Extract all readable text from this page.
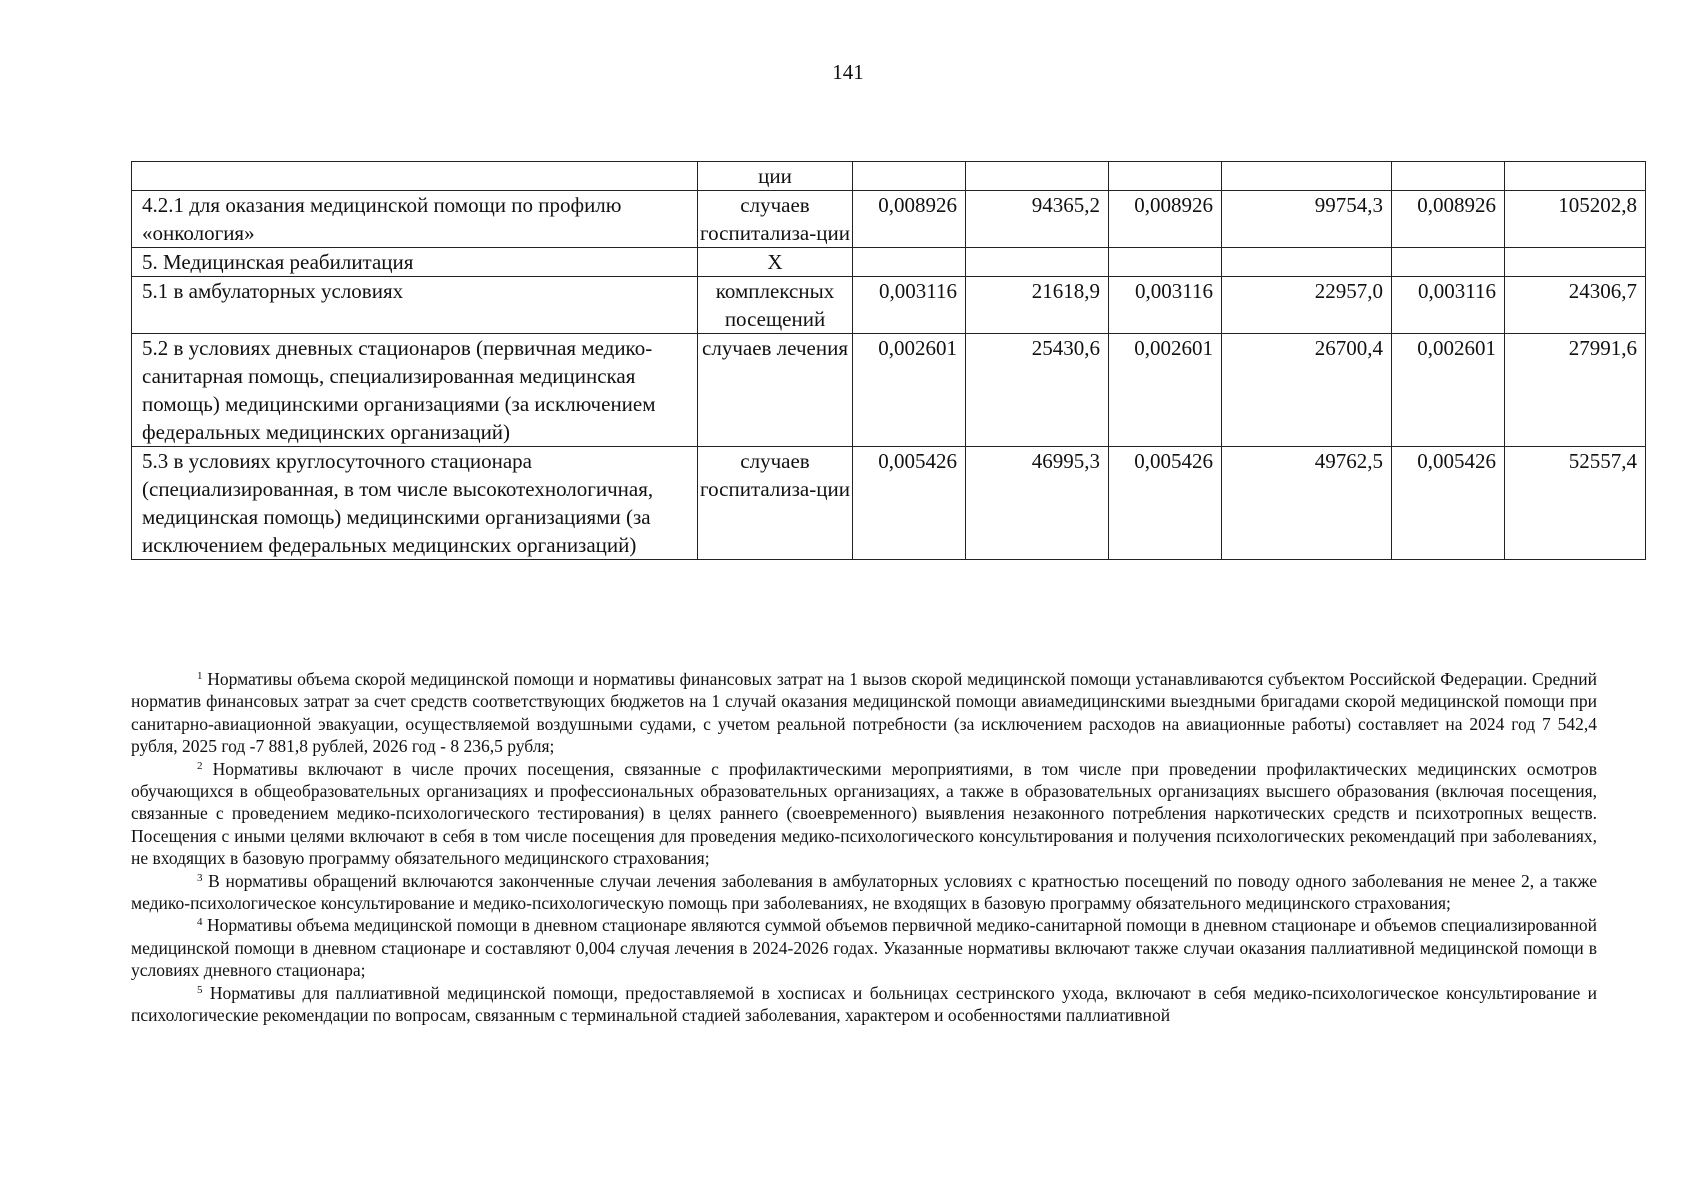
141
	ции						
4.2.1 для оказания медицинской помощи по профилю «онкология»	случаев госпитализа-ции	0,008926	94365,2	0,008926	99754,3	0,008926	105202,8
5. Медицинская реабилитация	X						
5.1 в амбулаторных условиях	комплексных посещений	0,003116	21618,9	0,003116	22957,0	0,003116	24306,7
5.2 в условиях дневных стационаров (первичная медико-санитарная помощь, специализированная медицинская помощь) медицинскими организациями (за исключением федеральных медицинских организаций)	случаев лечения	0,002601	25430,6	0,002601	26700,4	0,002601	27991,6
5.3 в условиях круглосуточного стационара (специализированная, в том числе высокотехнологичная, медицинская помощь) медицинскими организациями (за исключением федеральных медицинских организаций)	случаев госпитализа-ции	0,005426	46995,3	0,005426	49762,5	0,005426	52557,4

$^1$ Нормативы объема скорой медицинской помощи и нормативы финансовых затрат на 1 вызов скорой медицинской помощи устанавливаются субъектом Российской Федерации. Средний норматив финансовых затрат за счет средств соответствующих бюджетов на 1 случай оказания медицинской помощи авиамедицинскими выездными бригадами скорой медицинской помощи при санитарно-авиационной эвакуации, осуществляемой воздушными судами, с учетом реальной потребности (за исключением расходов на авиационные работы) составляет на 2024 год 7 542,4 рубля, 2025 год -7 881,8 рублей, 2026 год - 8 236,5 рубля;

$^2$ Нормативы включают в числе прочих посещения, связанные с профилактическими мероприятиями, в том числе при проведении профилактических медицинских осмотров обучающихся в общеобразовательных организациях и профессиональных образовательных организациях, а также в образовательных организациях высшего образования (включая посещения, связанные с проведением медико-психологического тестирования) в целях раннего (своевременного) выявления незаконного потребления наркотических средств и психотропных веществ. Посещения с иными целями включают в себя в том числе посещения для проведения медико-психологического консультирования и получения психологических рекомендаций при заболеваниях, не входящих в базовую программу обязательного медицинского страхования;

$^3$ В нормативы обращений включаются законченные случаи лечения заболевания в амбулаторных условиях с кратностью посещений по поводу одного заболевания не менее 2, а также медико-психологическое консультирование и медико-психологическую помощь при заболеваниях, не входящих в базовую программу обязательного медицинского страхования;

$^4$ Нормативы объема медицинской помощи в дневном стационаре являются суммой объемов первичной медико-санитарной помощи в дневном стационаре и объемов специализированной медицинской помощи в дневном стационаре и составляют 0,004 случая лечения в 2024-2026 годах. Указанные нормативы включают также случаи оказания паллиативной медицинской помощи в условиях дневного стационара;

$^5$ Нормативы для паллиативной медицинской помощи, предоставляемой в хосписах и больницах сестринского ухода, включают в себя медико-психологическое консультирование и психологические рекомендации по вопросам, связанным с терминальной стадией заболевания, характером и особенностями паллиативной
